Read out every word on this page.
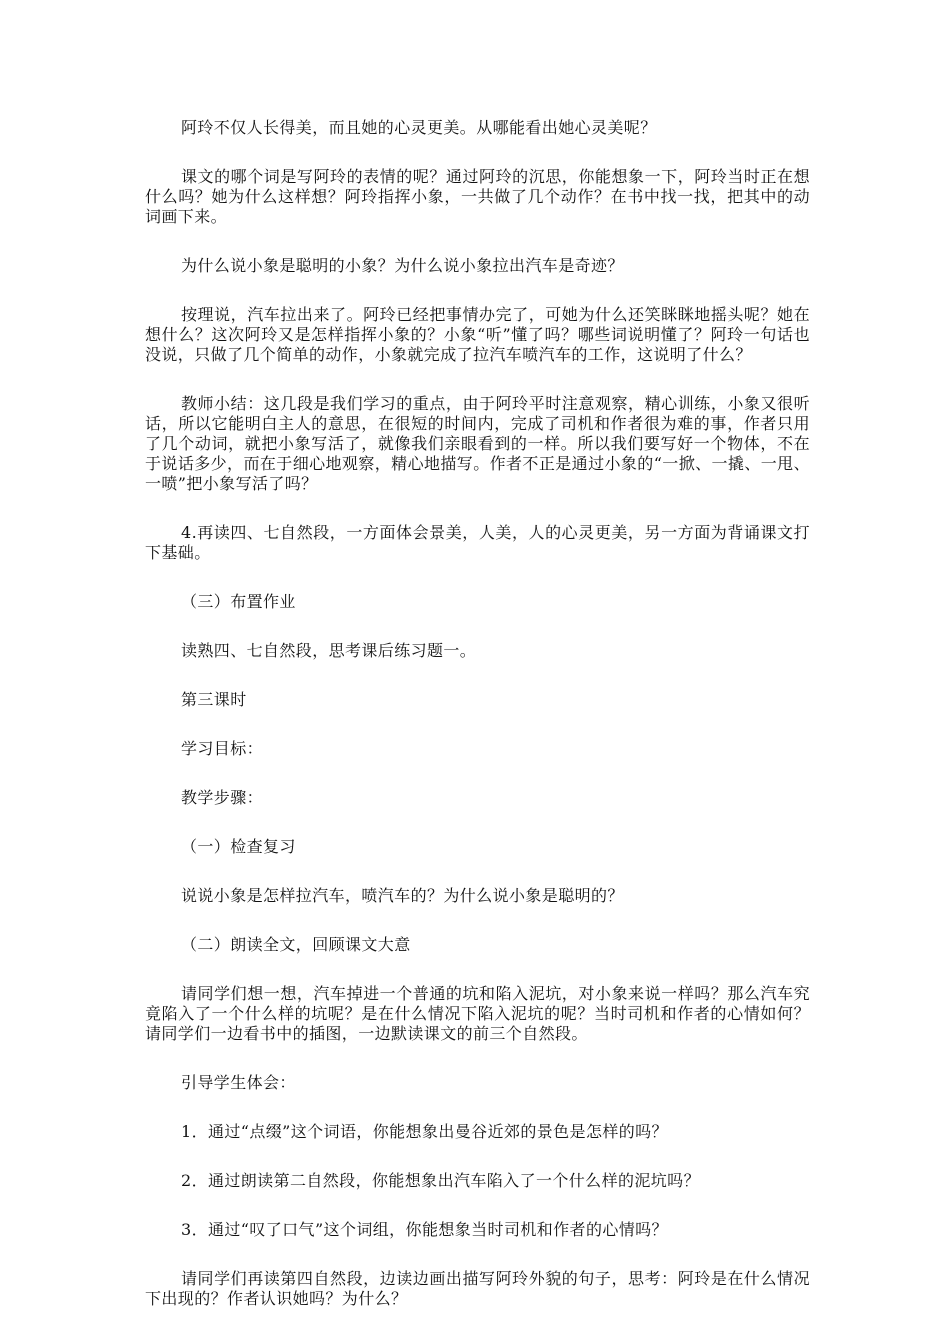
阿玲不仅人长得美，而且她的心灵更美。从哪能看出她心灵美呢？

课文的哪个词是写阿玲的表情的呢？通过阿玲的沉思，你能想象一下，阿玲当时正在想什么吗？她为什么这样想？阿玲指挥小象，一共做了几个动作？在书中找一找，把其中的动词画下来。

为什么说小象是聪明的小象？为什么说小象拉出汽车是奇迹？

按理说，汽车拉出来了。阿玲已经把事情办完了，可她为什么还笑眯眯地摇头呢？她在想什么？这次阿玲又是怎样指挥小象的？小象“听”懂了吗？哪些词说明懂了？阿玲一句话也没说，只做了几个简单的动作，小象就完成了拉汽车喷汽车的工作，这说明了什么？

教师小结：这几段是我们学习的重点，由于阿玲平时注意观察，精心训练，小象又很听话，所以它能明白主人的意思，在很短的时间内，完成了司机和作者很为难的事，作者只用了几个动词，就把小象写活了，就像我们亲眼看到的一样。所以我们要写好一个物体，不在于说话多少，而在于细心地观察，精心地描写。作者不正是通过小象的“一掀、一撬、一甩、一喷”把小象写活了吗？

4.再读四、七自然段，一方面体会景美，人美，人的心灵更美，另一方面为背诵课文打下基础。

（三）布置作业

读熟四、七自然段，思考课后练习题一。

第三课时

学习目标：

教学步骤：

（一）检查复习

说说小象是怎样拉汽车，喷汽车的？为什么说小象是聪明的？

（二）朗读全文，回顾课文大意

请同学们想一想，汽车掉进一个普通的坑和陷入泥坑，对小象来说一样吗？那么汽车究竟陷入了一个什么样的坑呢？是在什么情况下陷入泥坑的呢？当时司机和作者的心情如何？请同学们一边看书中的插图，一边默读课文的前三个自然段。

引导学生体会：

1．通过“点缀”这个词语，你能想象出曼谷近郊的景色是怎样的吗？

2．通过朗读第二自然段，你能想象出汽车陷入了一个什么样的泥坑吗？

3．通过“叹了口气”这个词组，你能想象当时司机和作者的心情吗？

请同学们再读第四自然段，边读边画出描写阿玲外貌的句子，思考：阿玲是在什么情况下出现的？作者认识她吗？为什么？
